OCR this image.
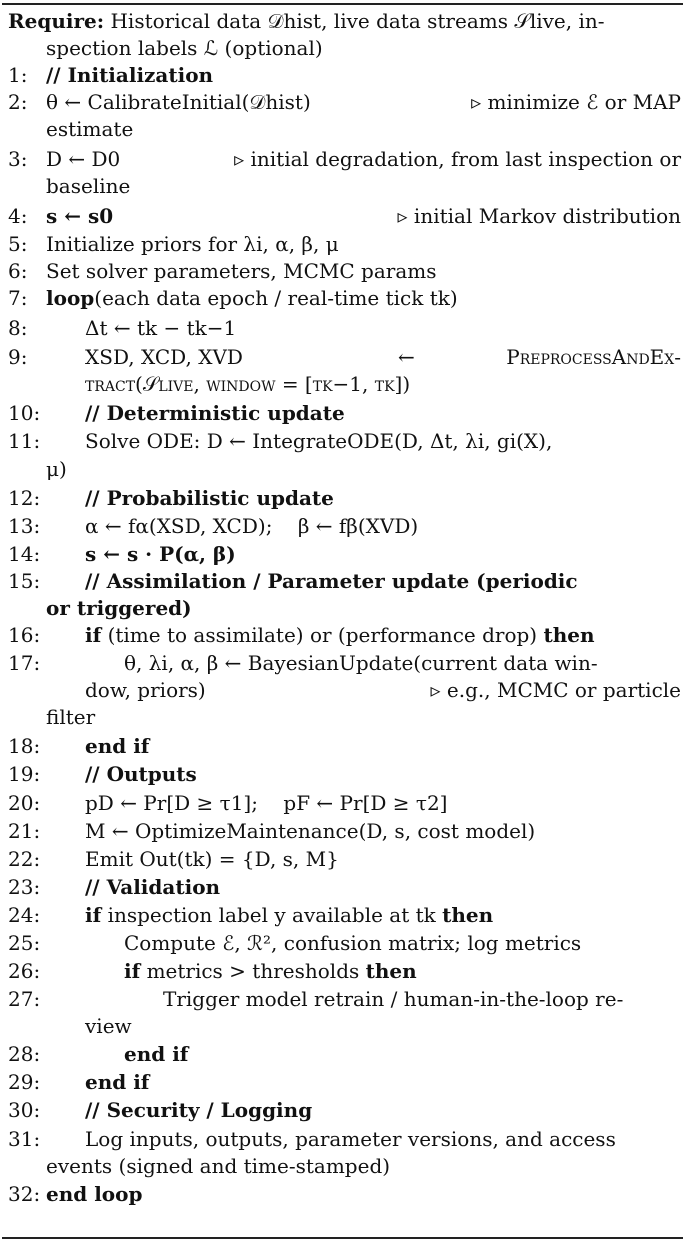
Require: Historical data 𝒟hist, live data streams 𝒮live, in-
spection labels ℒ (optional)
1: // Initialization
2: θ ← CalibrateInitial(𝒟hist)	▹ minimize ℰ or MAP
estimate
3: D ← D0	▹ initial degradation, from last inspection or
baseline
4: s ← s0	▹ initial Markov distribution
5: Initialize priors for λi, α, β, μ
6: Set solver parameters, MCMC params
7: loop(each data epoch / real-time tick tk)
8:	Δt ← tk − tk−1
9:	XSD, XCD, XVD	←	PreprocessAndEx-
tract(𝒮live, window = [tk−1, tk])
10:	// Deterministic update
11:	Solve ODE: D ← IntegrateODE(D, Δt, λi, gi(X),
μ)
12:	// Probabilistic update
13:	α ← fα(XSD, XCD);    β ← fβ(XVD)
14:	s ← s · P(α, β)
15:	// Assimilation / Parameter update (periodic
or triggered)
16:	if (time to assimilate) or (performance drop) then
17:	θ, λi, α, β ← BayesianUpdate(current data win-
dow, priors)	▹ e.g., MCMC or particle
filter
18:	end if
19:	// Outputs
20:	pD ← Pr[D ≥ τ1];    pF ← Pr[D ≥ τ2]
21:	M ← OptimizeMaintenance(D, s, cost model)
22:	Emit Out(tk) = {D, s, M}
23:	// Validation
24:	if inspection label y available at tk then
25:	Compute ℰ, ℛ², confusion matrix; log metrics
26:	if metrics > thresholds then
27:	Trigger model retrain / human-in-the-loop re-
view
28:	end if
29:	end if
30:	// Security / Logging
31:	Log inputs, outputs, parameter versions, and access
events (signed and time-stamped)
32: end loop
